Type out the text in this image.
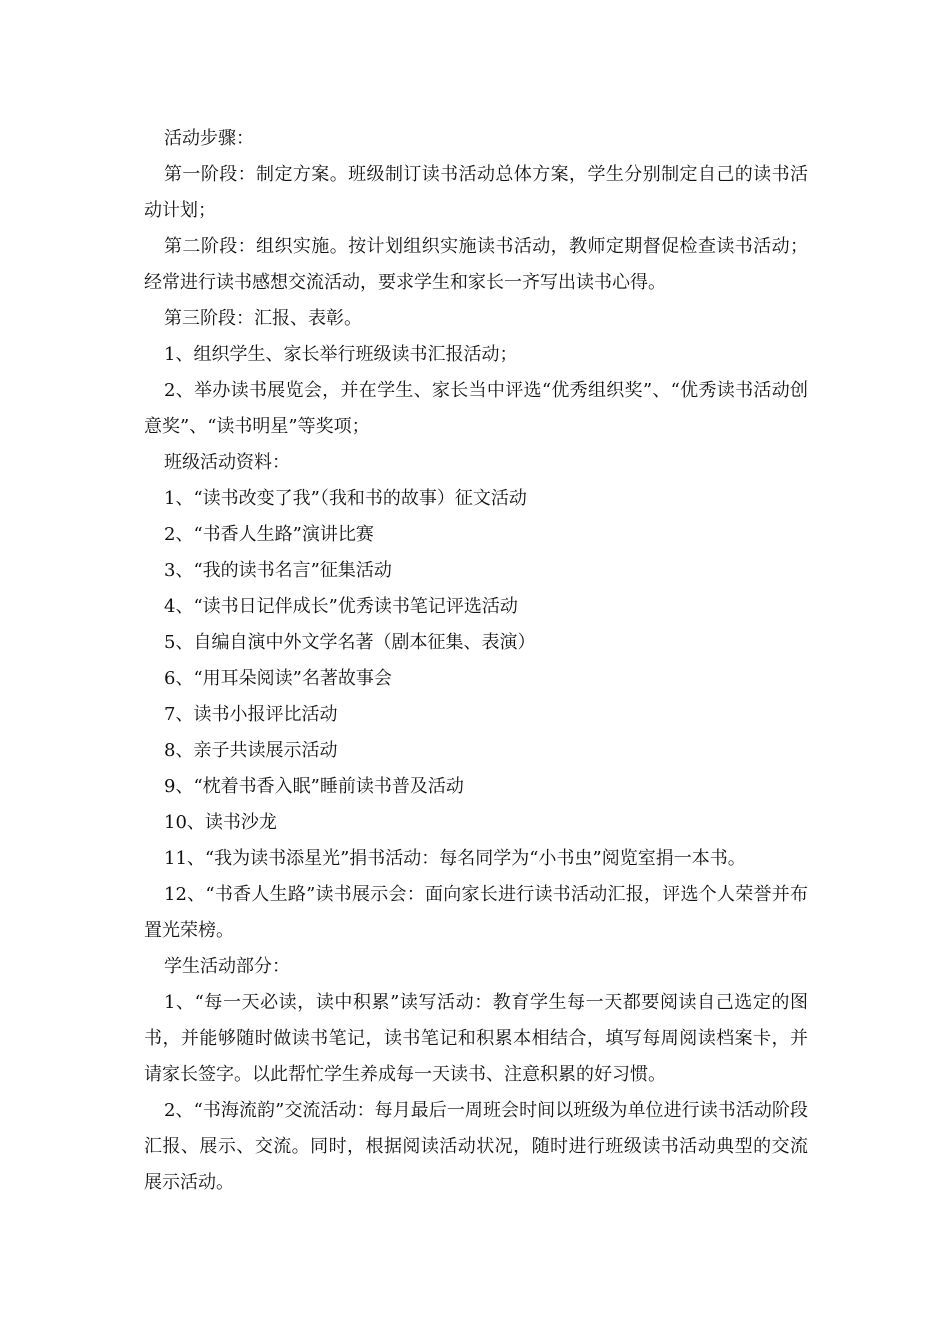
活动步骤：

第一阶段：制定方案。班级制订读书活动总体方案，学生分别制定自己的读书活动计划；

第二阶段：组织实施。按计划组织实施读书活动，教师定期督促检查读书活动；经常进行读书感想交流活动，要求学生和家长一齐写出读书心得。

第三阶段：汇报、表彰。

1、组织学生、家长举行班级读书汇报活动；

2、举办读书展览会，并在学生、家长当中评选“优秀组织奖”、“优秀读书活动创意奖”、“读书明星”等奖项；

班级活动资料：

1、“读书改变了我”（我和书的故事）征文活动

2、“书香人生路”演讲比赛

3、“我的读书名言”征集活动

4、“读书日记伴成长”优秀读书笔记评选活动

5、自编自演中外文学名著（剧本征集、表演）

6、“用耳朵阅读”名著故事会

7、读书小报评比活动

8、亲子共读展示活动

9、“枕着书香入眠”睡前读书普及活动

10、读书沙龙

11、“我为读书添星光”捐书活动：每名同学为“小书虫”阅览室捐一本书。

12、“书香人生路”读书展示会：面向家长进行读书活动汇报，评选个人荣誉并布置光荣榜。

学生活动部分：

1、“每一天必读，读中积累”读写活动：教育学生每一天都要阅读自己选定的图书，并能够随时做读书笔记，读书笔记和积累本相结合，填写每周阅读档案卡，并请家长签字。以此帮忙学生养成每一天读书、注意积累的好习惯。

2、“书海流韵”交流活动：每月最后一周班会时间以班级为单位进行读书活动阶段汇报、展示、交流。同时，根据阅读活动状况，随时进行班级读书活动典型的交流展示活动。
